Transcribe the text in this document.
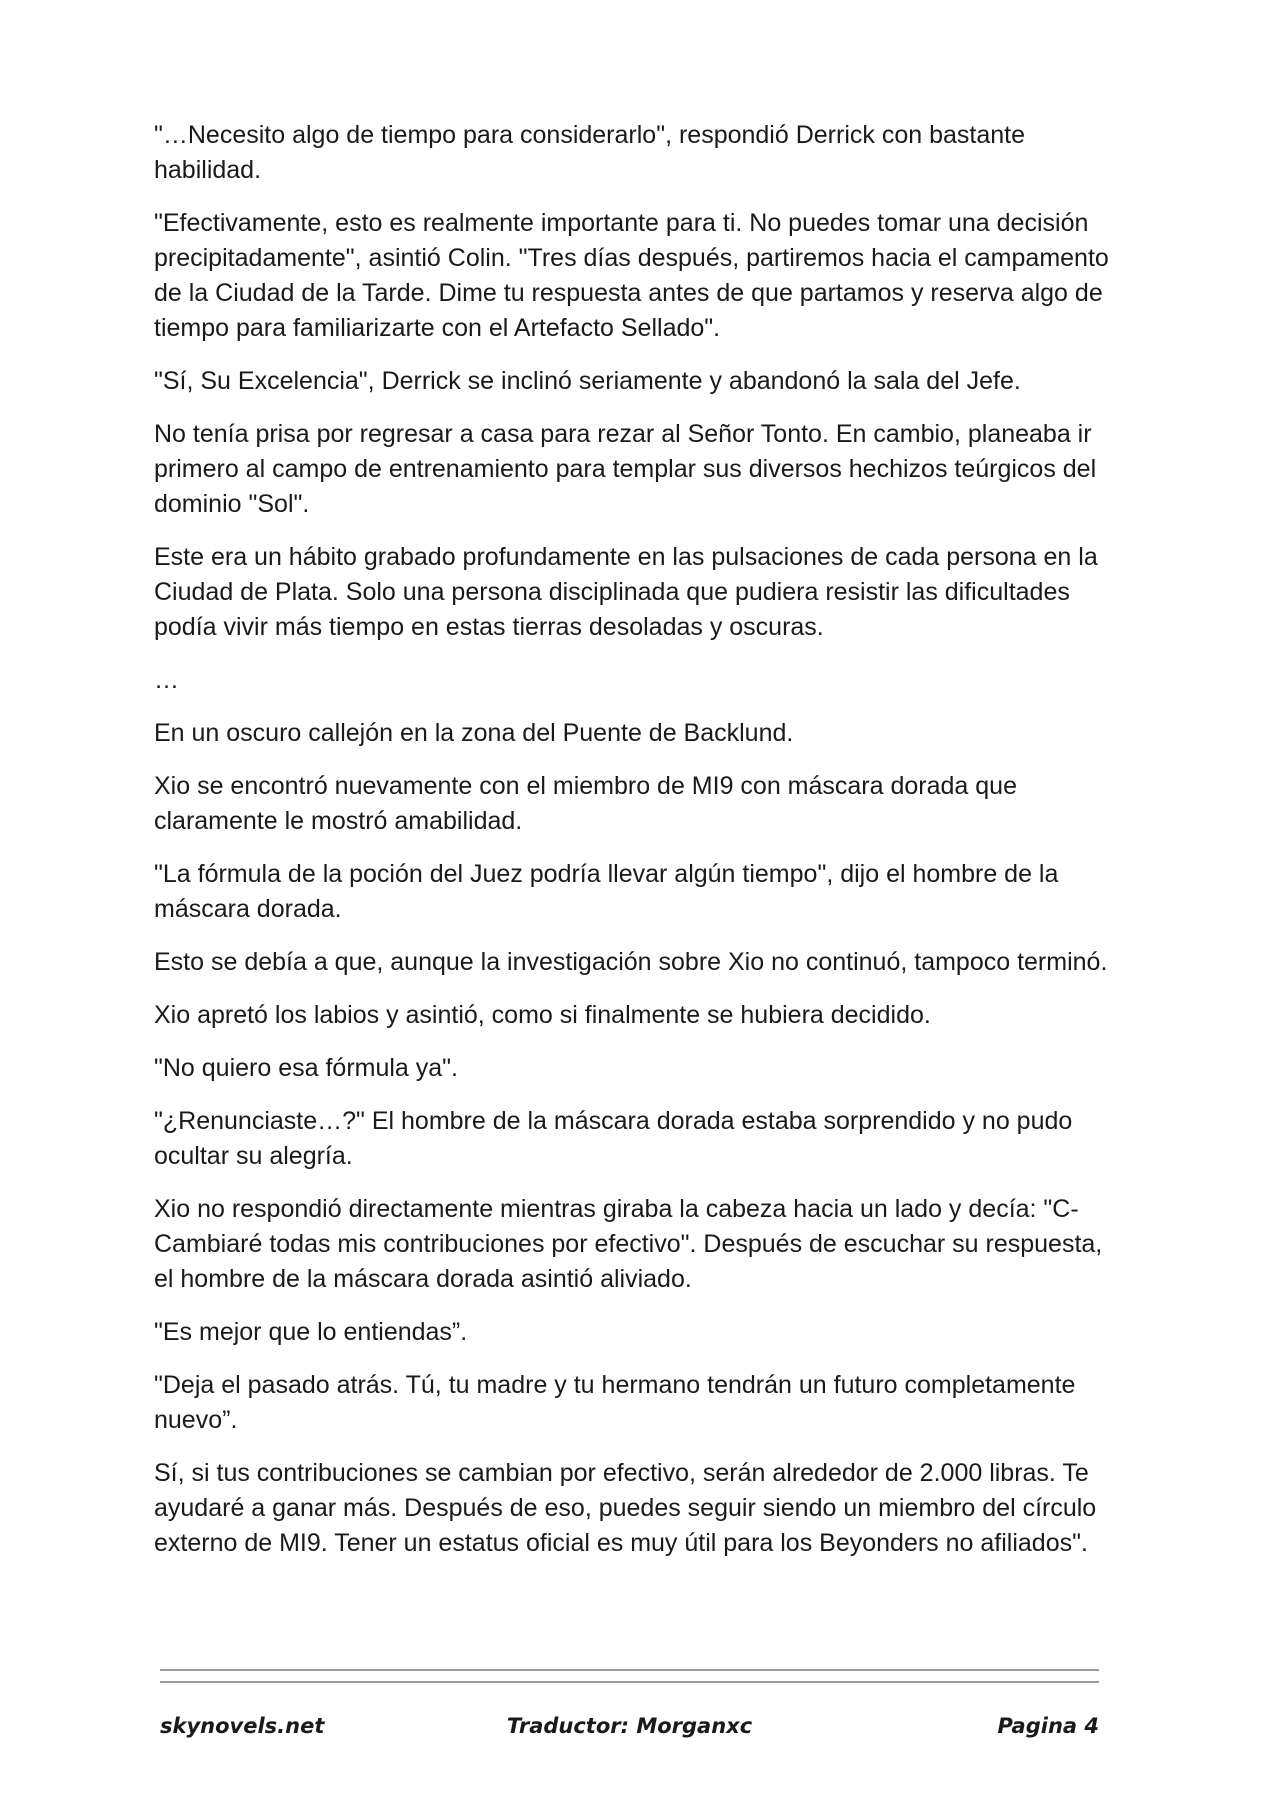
"…Necesito algo de tiempo para considerarlo", respondió Derrick con bastante habilidad.

"Efectivamente, esto es realmente importante para ti. No puedes tomar una decisión precipitadamente", asintió Colin. "Tres días después, partiremos hacia el campamento de la Ciudad de la Tarde. Dime tu respuesta antes de que partamos y reserva algo de tiempo para familiarizarte con el Artefacto Sellado".

"Sí, Su Excelencia", Derrick se inclinó seriamente y abandonó la sala del Jefe.

No tenía prisa por regresar a casa para rezar al Señor Tonto. En cambio, planeaba ir primero al campo de entrenamiento para templar sus diversos hechizos teúrgicos del dominio "Sol".

Este era un hábito grabado profundamente en las pulsaciones de cada persona en la Ciudad de Plata. Solo una persona disciplinada que pudiera resistir las dificultades podía vivir más tiempo en estas tierras desoladas y oscuras.

…

En un oscuro callejón en la zona del Puente de Backlund.

Xio se encontró nuevamente con el miembro de MI9 con máscara dorada que claramente le mostró amabilidad.

"La fórmula de la poción del Juez podría llevar algún tiempo", dijo el hombre de la máscara dorada.

Esto se debía a que, aunque la investigación sobre Xio no continuó, tampoco terminó.

Xio apretó los labios y asintió, como si finalmente se hubiera decidido.

"No quiero esa fórmula ya".

"¿Renunciaste…?" El hombre de la máscara dorada estaba sorprendido y no pudo ocultar su alegría.

Xio no respondió directamente mientras giraba la cabeza hacia un lado y decía: "C-Cambiaré todas mis contribuciones por efectivo". Después de escuchar su respuesta, el hombre de la máscara dorada asintió aliviado.

"Es mejor que lo entiendas”.

"Deja el pasado atrás. Tú, tu madre y tu hermano tendrán un futuro completamente nuevo”.

Sí, si tus contribuciones se cambian por efectivo, serán alrededor de 2.000 libras. Te ayudaré a ganar más. Después de eso, puedes seguir siendo un miembro del círculo externo de MI9. Tener un estatus oficial es muy útil para los Beyonders no afiliados".

skynovels.net	Traductor: Morganxc	Pagina 4
